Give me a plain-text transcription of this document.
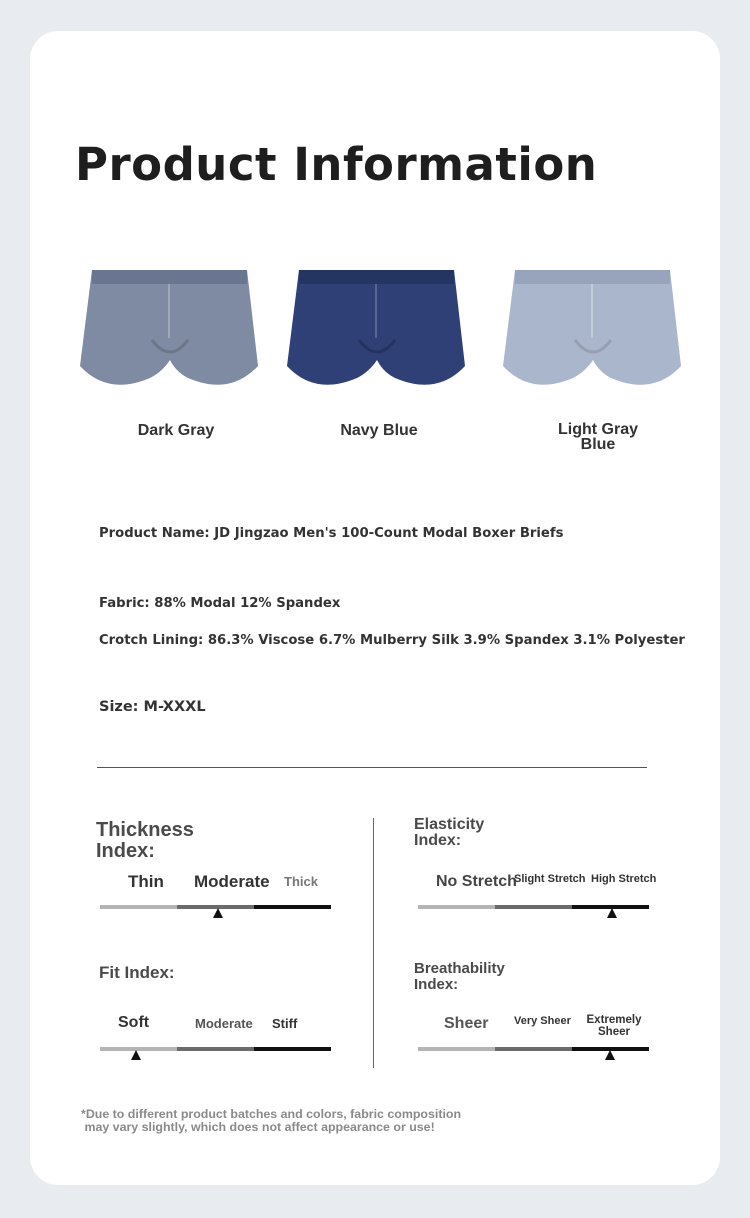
Product Information
Dark Gray	Navy Blue	Light Gray
Blue
Product Name: JD Jingzao Men's 100-Count Modal Boxer Briefs
Fabric: 88% Modal 12% Spandex
Crotch Lining: 86.3% Viscose 6.7% Mulberry Silk 3.9% Spandex 3.1% Polyester
Size: M-XXXL
Thickness Index:
Thin Moderate Thick
Elasticity Index:
No Stretch
Slight Stretch High Stretch
Fit Index:
Soft	Moderate Stiff
Breathability Index:
Sheer Very Sheer	Extremely Sheer
*Due to different product batches and colors, fabric composition
may vary slightly, which does not affect appearance or use!
